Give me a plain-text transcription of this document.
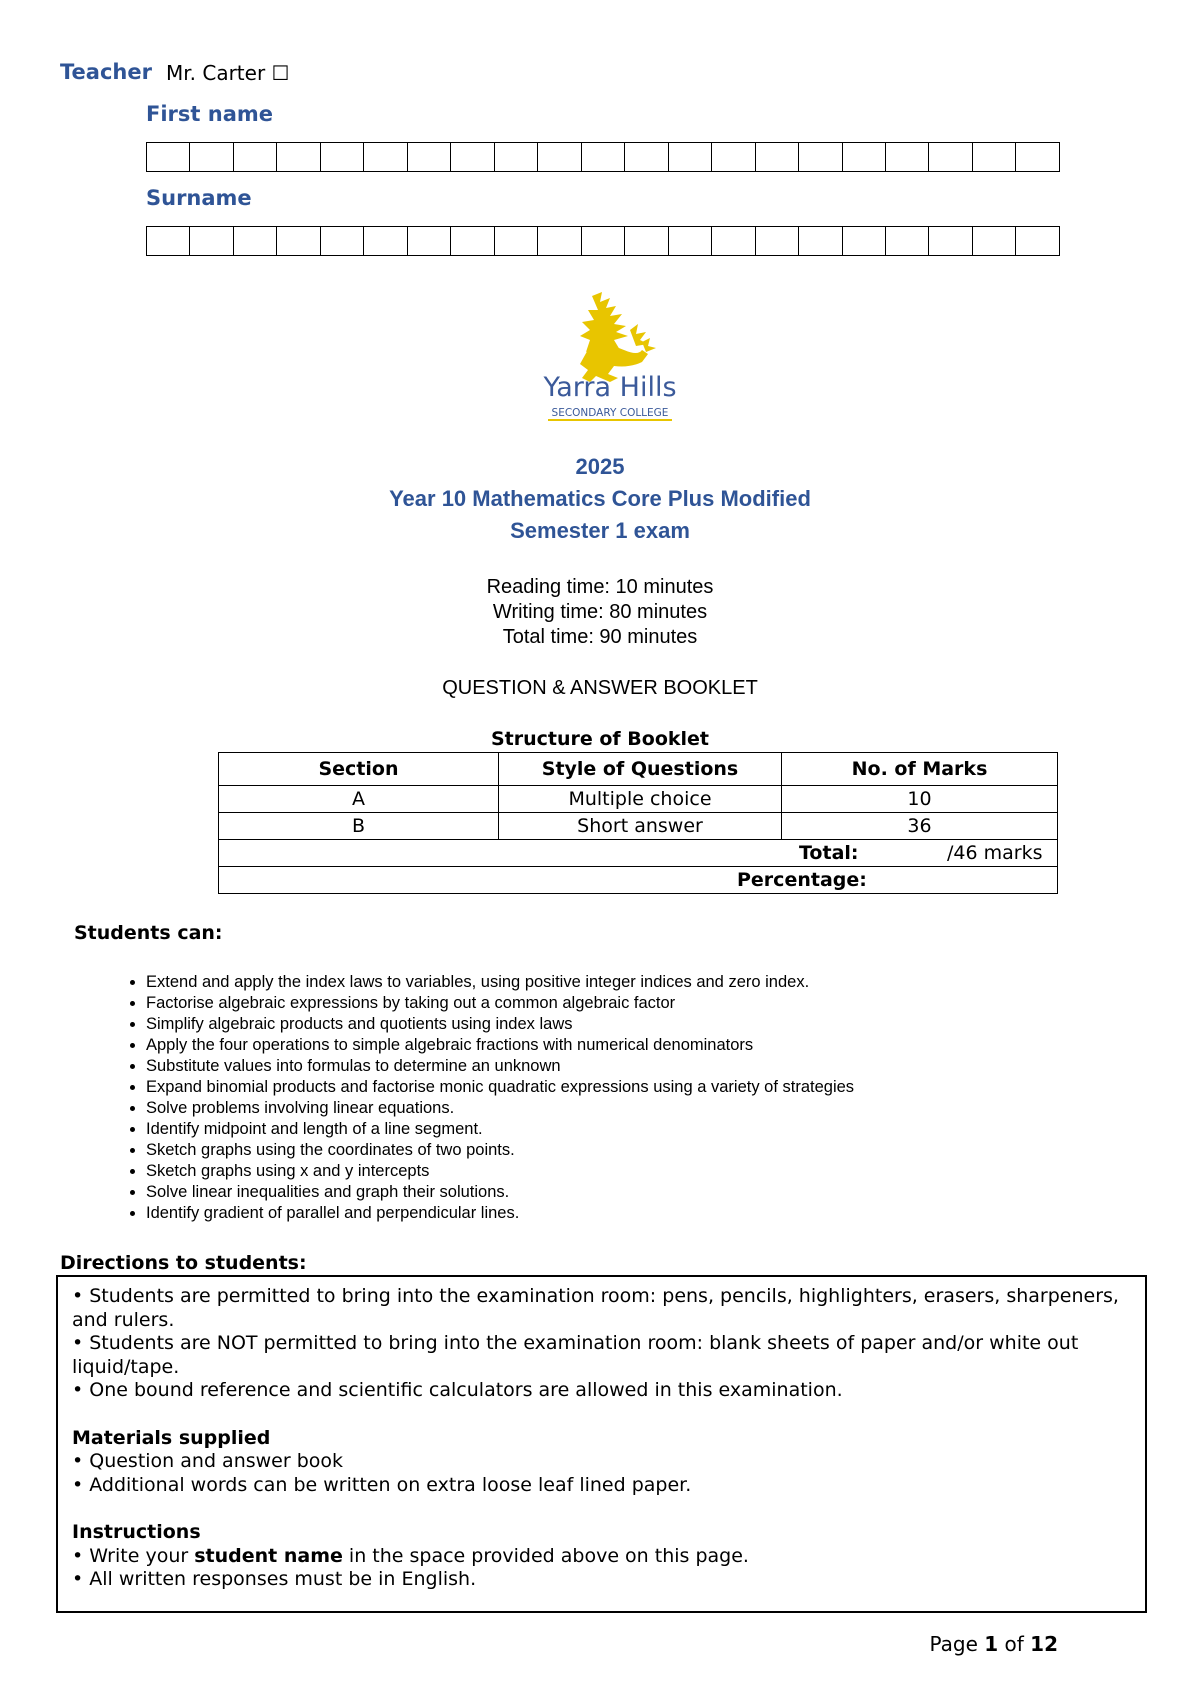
Teacher Mr. Carter ☐
First name
Surname
Yarra Hills
SECONDARY COLLEGE
2025
Year 10 Mathematics Core Plus Modified
Semester 1 exam
Reading time: 10 minutes
Writing time: 80 minutes
Total time: 90 minutes
QUESTION & ANSWER BOOKLET
Structure of Booklet
Section	Style of Questions	No. of Marks
A	Multiple choice	10
B	Short answer	36

Total: /46 marks		

Percentage:		
Students can:
• Extend and apply the index laws to variables, using positive integer indices and zero index.
• Factorise algebraic expressions by taking out a common algebraic factor
• Simplify algebraic products and quotients using index laws
• Apply the four operations to simple algebraic fractions with numerical denominators
• Substitute values into formulas to determine an unknown
• Expand binomial products and factorise monic quadratic expressions using a variety of strategies
• Solve problems involving linear equations.
• Identify midpoint and length of a line segment.
• Sketch graphs using the coordinates of two points.
• Sketch graphs using x and y intercepts
• Solve linear inequalities and graph their solutions.
• Identify gradient of parallel and perpendicular lines.
Directions to students:

• Students are permitted to bring into the examination room: pens, pencils, highlighters, erasers, sharpeners, and rulers.

• Students are NOT permitted to bring into the examination room: blank sheets of paper and/or white out liquid/tape.

• One bound reference and scientific calculators are allowed in this examination.

Materials supplied

• Question and answer book

• Additional words can be written on extra loose leaf lined paper.

Instructions

• Write your student name in the space provided above on this page.

• All written responses must be in English.

Page 1 of 12
